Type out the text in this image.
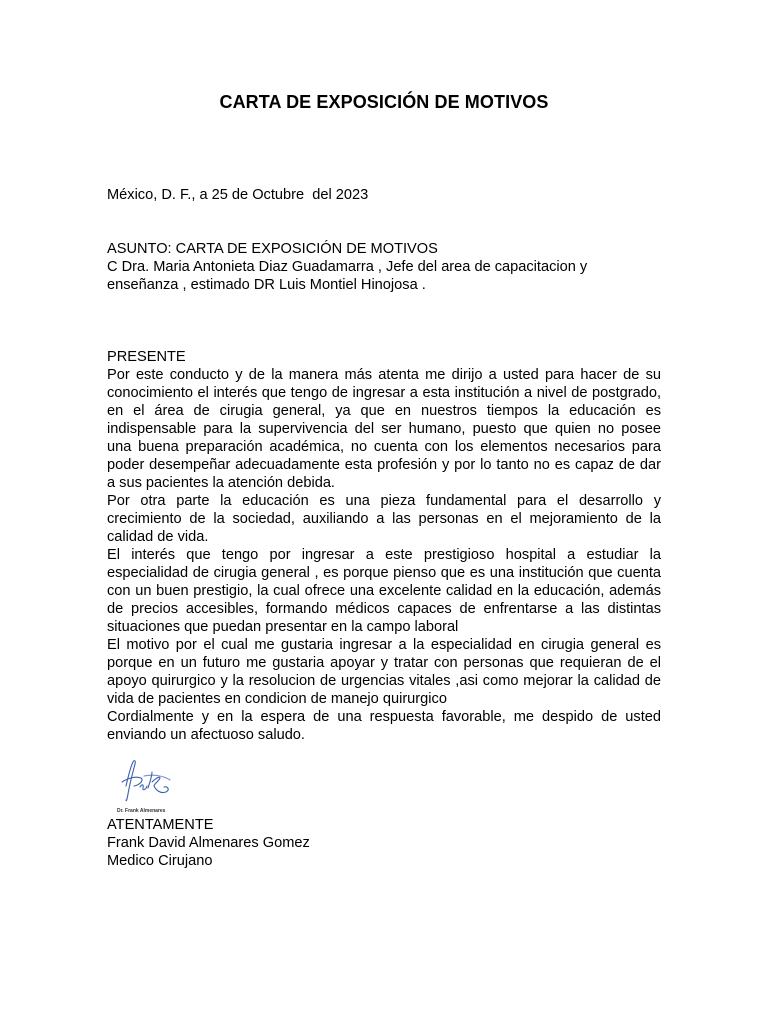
CARTA DE EXPOSICIÓN DE MOTIVOS
México, D. F., a 25 de Octubre  del 2023
ASUNTO: CARTA DE EXPOSICIÓN DE MOTIVOS
C Dra. Maria Antonieta Diaz Guadamarra , Jefe del area de capacitacion y
enseñanza , estimado DR Luis Montiel Hinojosa .
PRESENTE
Por este conducto y de la manera más atenta me dirijo a usted para hacer de su
conocimiento el interés que tengo de ingresar a esta institución a nivel de postgrado,
en el área de cirugia general, ya que en nuestros tiempos la educación es
indispensable para la supervivencia del ser humano, puesto que quien no posee
una buena preparación académica, no cuenta con los elementos necesarios para
poder desempeñar adecuadamente esta profesión y por lo tanto no es capaz de dar
a sus pacientes la atención debida.
Por otra parte la educación es una pieza fundamental para el desarrollo y
crecimiento de la sociedad, auxiliando a las personas en el mejoramiento de la
calidad de vida.
El interés que tengo por ingresar a este prestigioso hospital a estudiar la
especialidad de cirugia general , es porque pienso que es una institución que cuenta
con un buen prestigio, la cual ofrece una excelente calidad en la educación, además
de precios accesibles, formando médicos capaces de enfrentarse a las distintas
situaciones que puedan presentar en la campo laboral
El motivo por el cual me gustaria ingresar a la especialidad en cirugia general es
porque en un futuro me gustaria apoyar y tratar con personas que requieran de el
apoyo quirurgico y la resolucion de urgencias vitales ,asi como mejorar la calidad de
vida de pacientes en condicion de manejo quirurgico
Cordialmente y en la espera de una respuesta favorable, me despido de usted
enviando un afectuoso saludo.
Dr. Frank Almenares
ATENTAMENTE
Frank David Almenares Gomez
Medico Cirujano
